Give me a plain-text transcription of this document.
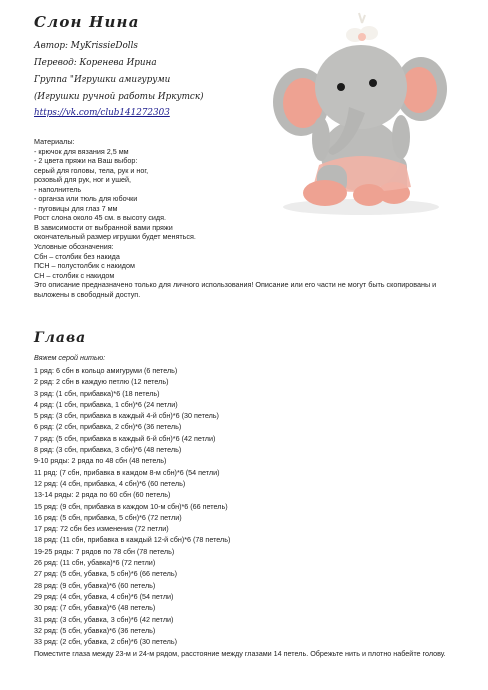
Слон Нина
Автор: MyKrissieDolls
Перевод: Коренева Ирина
Группа "Игрушки амигуруми
(Игрушки ручной работы Иркутск)
https://vk.com/club141272303
Материалы:
- крючок для вязания 2,5 мм
- 2 цвета пряжи на Ваш выбор:
серый для головы, тела, рук и ног,
розовый для рук, ног и ушей,
- наполнитель
- органза или тюль для юбочки
- пуговицы для глаз 7 мм
Рост слона около 45 см. в высоту сидя.
В зависимости от выбранной вами пряжи
окончательный размер игрушки будет меняться.
Условные обозначения:
Сбн – столбик без накида
ПСН – полустолбик с накидом
СН – столбик с накидом
Это описание предназначено только для личного использования! Описание или его части не могут быть скопированы и выложены в свободный доступ.
Глава
Вяжем серой нитью:
1 ряд: 6 сбн в кольцо амигуруми (6 петель)
2 ряд: 2 сбн в каждую петлю (12 петель)
3 ряд: (1 сбн, прибавка)*6 (18 петель)
4 ряд: (1 сбн, прибавка, 1 сбн)*6 (24 петли)
5 ряд: (3 сбн, прибавка в каждый 4-й сбн)*6 (30 петель)
6 ряд: (2 сбн, прибавка, 2 сбн)*6 (36 петель)
7 ряд: (5 сбн, прибавка в каждый 6-й сбн)*6 (42 петли)
8 ряд: (3 сбн, прибавка, 3 сбн)*6 (48 петель)
9-10 ряды: 2 ряда по 48 сбн (48 петель)
11 ряд: (7 сбн, прибавка в каждом 8-м сбн)*6 (54 петли)
12 ряд: (4 сбн, прибавка, 4 сбн)*6 (60 петель)
13-14 ряды: 2 ряда по 60 сбн (60 петель)
15 ряд: (9 сбн, прибавка в каждом 10-м сбн)*6 (66 петель)
16 ряд: (5 сбн, прибавка, 5 сбн)*6 (72 петли)
17 ряд: 72 сбн без изменения (72 петли)
18 ряд: (11 сбн, прибавка в каждый 12-й сбн)*6 (78 петель)
19-25 ряды: 7 рядов по 78 сбн (78 петель)
26 ряд: (11 сбн, убавка)*6 (72 петли)
27 ряд: (5 сбн, убавка, 5 сбн)*6 (66 петель)
28 ряд: (9 сбн, убавка)*6 (60 петель)
29 ряд: (4 сбн, убавка, 4 сбн)*6 (54 петли)
30 ряд: (7 сбн, убавка)*6 (48 петель)
31 ряд: (3 сбн, убавка, 3 сбн)*6 (42 петли)
32 ряд: (5 сбн, убавка)*6 (36 петель)
33 ряд: (2 сбн, убавка, 2 сбн)*6 (30 петель)
Поместите глаза между 23-м и 24-м рядом, расстояние между глазами 14 петель. Обрежьте нить и плотно набейте голову.
